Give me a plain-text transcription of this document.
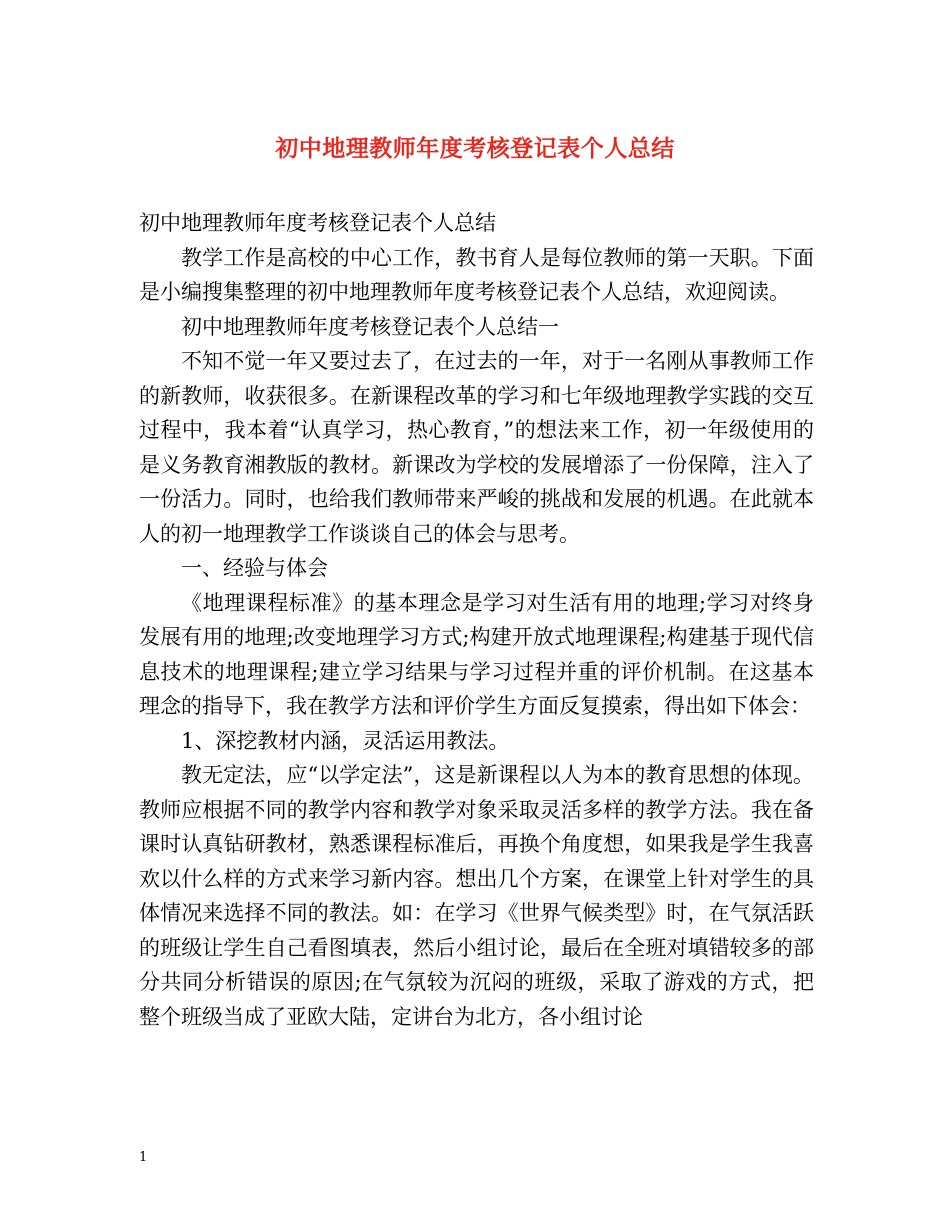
初中地理教师年度考核登记表个人总结

初中地理教师年度考核登记表个人总结

教学工作是高校的中心工作，教书育人是每位教师的第一天职。下面是小编搜集整理的初中地理教师年度考核登记表个人总结，欢迎阅读。

初中地理教师年度考核登记表个人总结一

不知不觉一年又要过去了，在过去的一年，对于一名刚从事教师工作的新教师，收获很多。在新课程改革的学习和七年级地理教学实践的交互过程中，我本着“认真学习，热心教育，”的想法来工作，初一年级使用的是义务教育湘教版的教材。新课改为学校的发展增添了一份保障，注入了一份活力。同时，也给我们教师带来严峻的挑战和发展的机遇。在此就本人的初一地理教学工作谈谈自己的体会与思考。

一、经验与体会

《地理课程标准》的基本理念是学习对生活有用的地理;学习对终身发展有用的地理;改变地理学习方式;构建开放式地理课程;构建基于现代信息技术的地理课程;建立学习结果与学习过程并重的评价机制。在这基本理念的指导下，我在教学方法和评价学生方面反复摸索，得出如下体会：

1、深挖教材内涵，灵活运用教法。

教无定法，应“以学定法”，这是新课程以人为本的教育思想的体现。教师应根据不同的教学内容和教学对象采取灵活多样的教学方法。我在备课时认真钻研教材，熟悉课程标准后，再换个角度想，如果我是学生我喜欢以什么样的方式来学习新内容。想出几个方案，在课堂上针对学生的具体情况来选择不同的教法。如：在学习《世界气候类型》时，在气氛活跃的班级让学生自己看图填表，然后小组讨论，最后在全班对填错较多的部分共同分析错误的原因;在气氛较为沉闷的班级，采取了游戏的方式，把整个班级当成了亚欧大陆，定讲台为北方，各小组讨论

1
